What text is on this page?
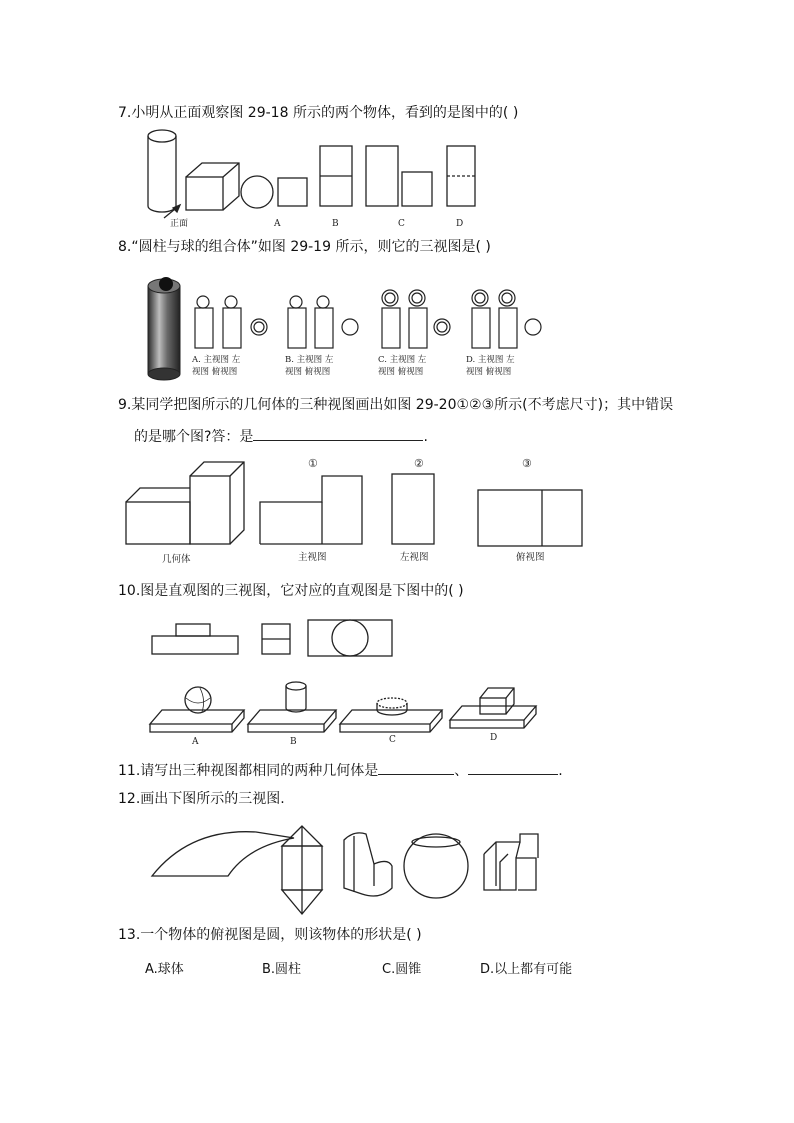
7.小明从正面观察图 29-18 所示的两个物体，看到的是图中的( )
正面	A	B	C	D
8.“圆柱与球的组合体”如图 29-19 所示，则它的三视图是( )
A. 主视图 左
视图 俯视图
B. 主视图 左
视图 俯视图
C. 主视图 左
视图 俯视图
D. 主视图 左
视图 俯视图
9.某同学把图所示的几何体的三种视图画出如图 29-20①②③所示(不考虑尺寸)；其中错误
的是哪个图?答：是	.
①	②	③
几何体	主视图	左视图	俯视图
10.图是直观图的三视图，它对应的直观图是下图中的( )
A	B	C	D
11.请写出三种视图都相同的两种几何体是	、	.
12.画出下图所示的三视图.
13.一个物体的俯视图是圆，则该物体的形状是( )
A.球体	B.圆柱	C.圆锥	D.以上都有可能
